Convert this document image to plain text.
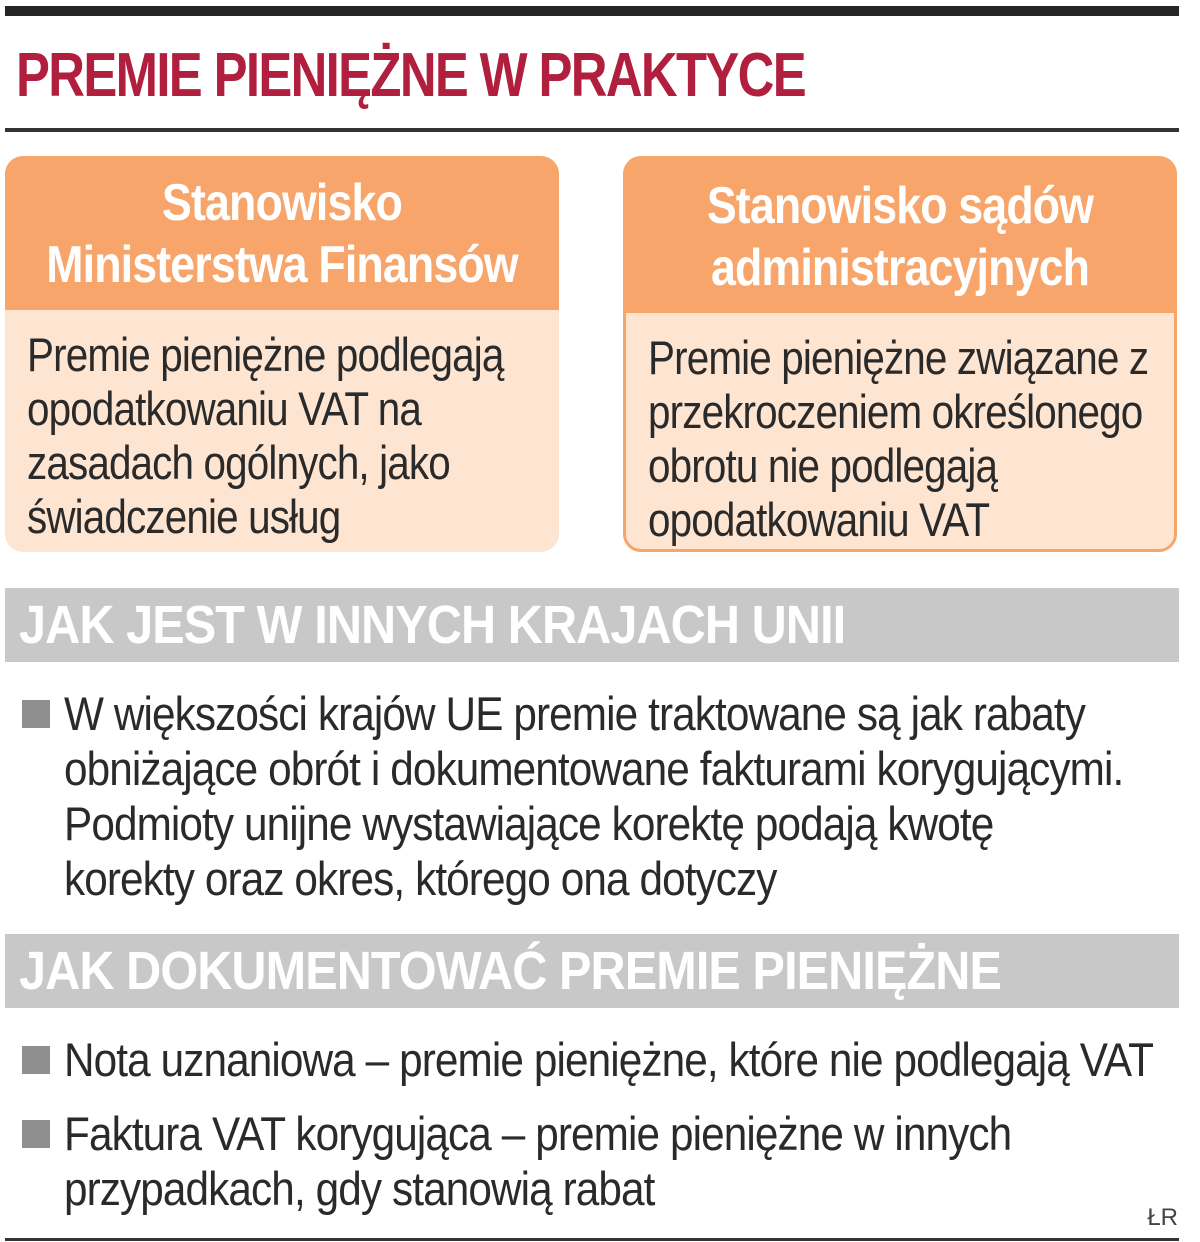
PREMIE PIENIĘŻNE W PRAKTYCE
Stanowisko
Ministerstwa Finansów
Premie pieniężne podlegają
opodatkowaniu VAT na
zasadach ogólnych, jako
świadczenie usług
Stanowisko sądów
administracyjnych
Premie pieniężne związane z
przekroczeniem określonego
obrotu nie podlegają
opodatkowaniu VAT
JAK JEST W INNYCH KRAJACH UNII
W większości krajów UE premie traktowane są jak rabaty
obniżające obrót i dokumentowane fakturami korygującymi.
Podmioty unijne wystawiające korektę podają kwotę
korekty oraz okres, którego ona dotyczy
JAK DOKUMENTOWAĆ PREMIE PIENIĘŻNE
Nota uznaniowa – premie pieniężne, które nie podlegają VAT
Faktura VAT korygująca – premie pieniężne w innych
przypadkach, gdy stanowią rabat
ŁR
